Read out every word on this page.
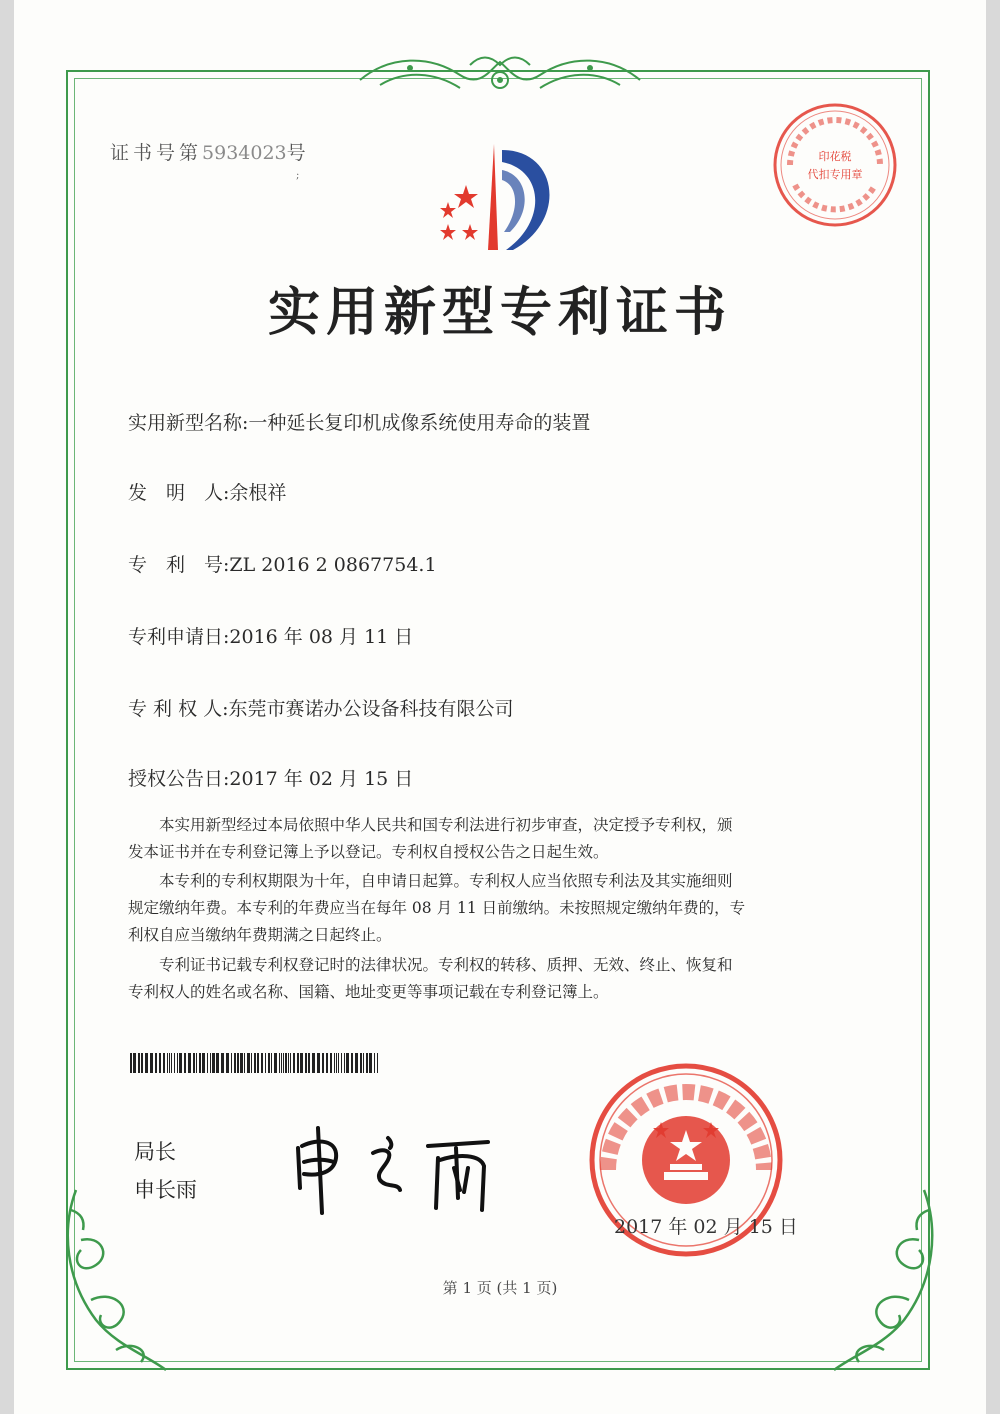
证书号第5934023号
;
印花税
代扣专用章
实用新型专利证书
实用新型名称:一种延长复印机成像系统使用寿命的装置
发　明　人:余根祥
专　利　号:ZL 2016 2 0867754.1
专利申请日:2016 年 08 月 11 日
专 利 权 人:东莞市赛诺办公设备科技有限公司
授权公告日:2017 年 02 月 15 日
　　本实用新型经过本局依照中华人民共和国专利法进行初步审查，决定授予专利权，颁
发本证书并在专利登记簿上予以登记。专利权自授权公告之日起生效。
　　本专利的专利权期限为十年，自申请日起算。专利权人应当依照专利法及其实施细则
规定缴纳年费。本专利的年费应当在每年 08 月 11 日前缴纳。未按照规定缴纳年费的，专
利权自应当缴纳年费期满之日起终止。
　　专利证书记载专利权登记时的法律状况。专利权的转移、质押、无效、终止、恢复和
专利权人的姓名或名称、国籍、地址变更等事项记载在专利登记簿上。
局长
申长雨
2017 年 02 月 15 日
第 1 页 (共 1 页)
